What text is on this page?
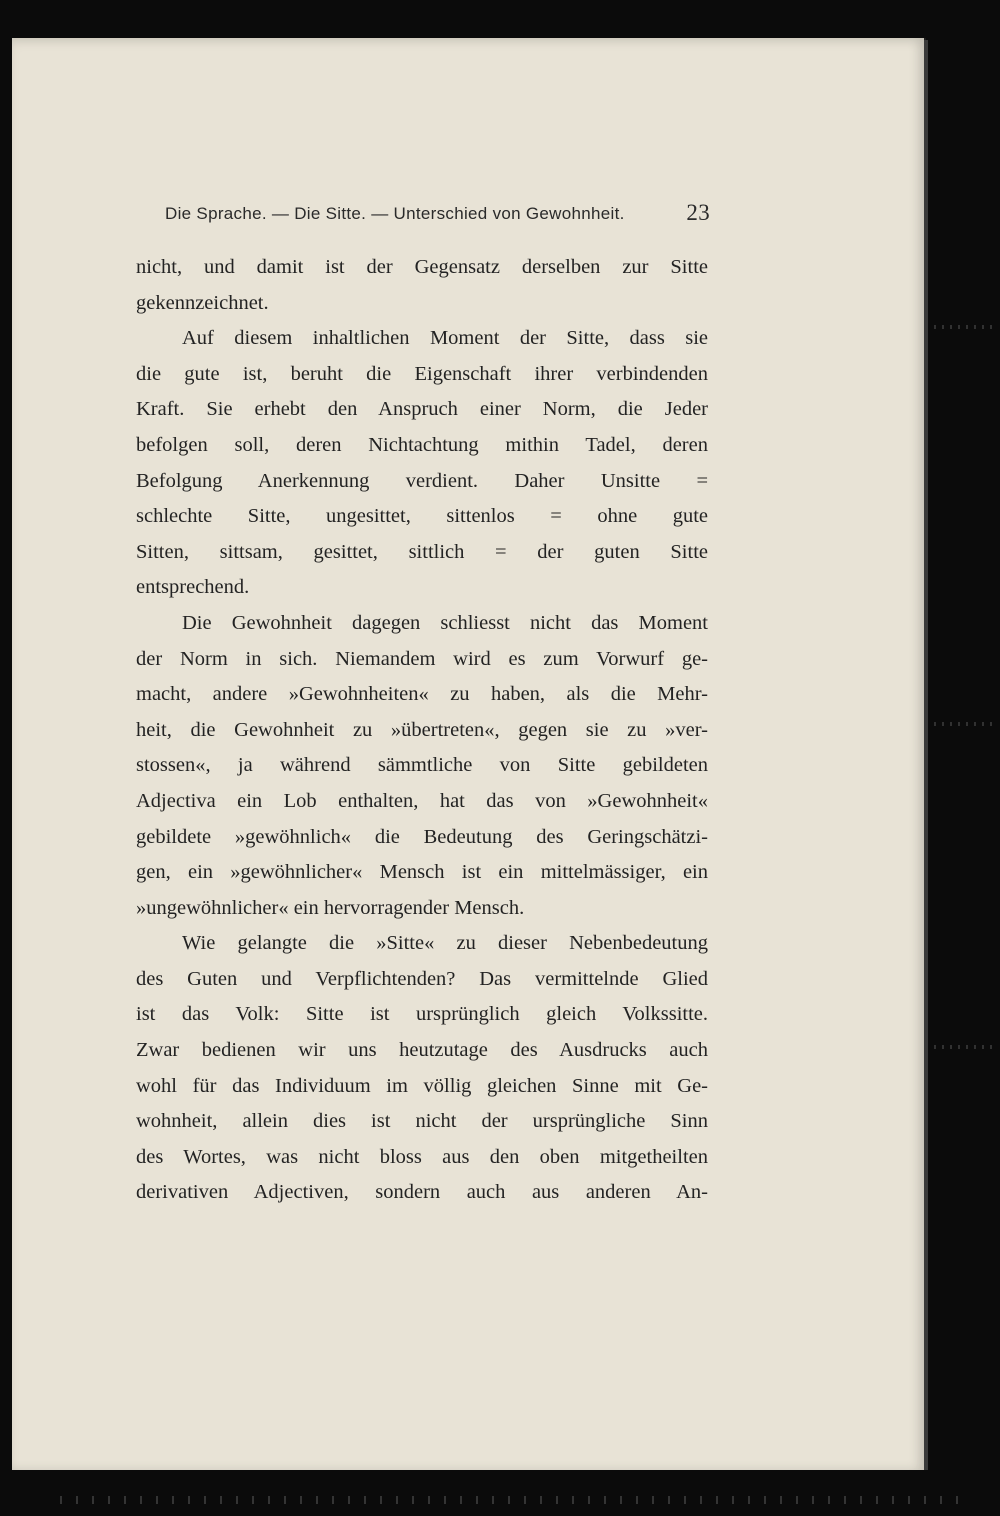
Die Sprache. — Die Sitte. — Unterschied von Gewohnheit.	23

nicht, und damit ist der Gegensatz derselben zur Sitte

gekennzeichnet.

Auf diesem inhaltlichen Moment der Sitte, dass sie

die gute ist, beruht die Eigenschaft ihrer verbindenden

Kraft. Sie erhebt den Anspruch einer Norm, die Jeder

befolgen soll, deren Nichtachtung mithin Tadel, deren

Befolgung Anerkennung verdient. Daher Unsitte =

schlechte Sitte, ungesittet, sittenlos = ohne gute

Sitten, sittsam, gesittet, sittlich = der guten Sitte

entsprechend.

Die Gewohnheit dagegen schliesst nicht das Moment

der Norm in sich. Niemandem wird es zum Vorwurf ge-

macht, andere »Gewohnheiten« zu haben, als die Mehr-

heit, die Gewohnheit zu »übertreten«, gegen sie zu »ver-

stossen«, ja während sämmtliche von Sitte gebildeten

Adjectiva ein Lob enthalten, hat das von »Gewohnheit«

gebildete »gewöhnlich« die Bedeutung des Geringschätzi-

gen, ein »gewöhnlicher« Mensch ist ein mittelmässiger, ein

»ungewöhnlicher« ein hervorragender Mensch.

Wie gelangte die »Sitte« zu dieser Nebenbedeutung

des Guten und Verpflichtenden? Das vermittelnde Glied

ist das Volk: Sitte ist ursprünglich gleich Volkssitte.

Zwar bedienen wir uns heutzutage des Ausdrucks auch

wohl für das Individuum im völlig gleichen Sinne mit Ge-

wohnheit, allein dies ist nicht der ursprüngliche Sinn

des Wortes, was nicht bloss aus den oben mitgetheilten

derivativen Adjectiven, sondern auch aus anderen An-
